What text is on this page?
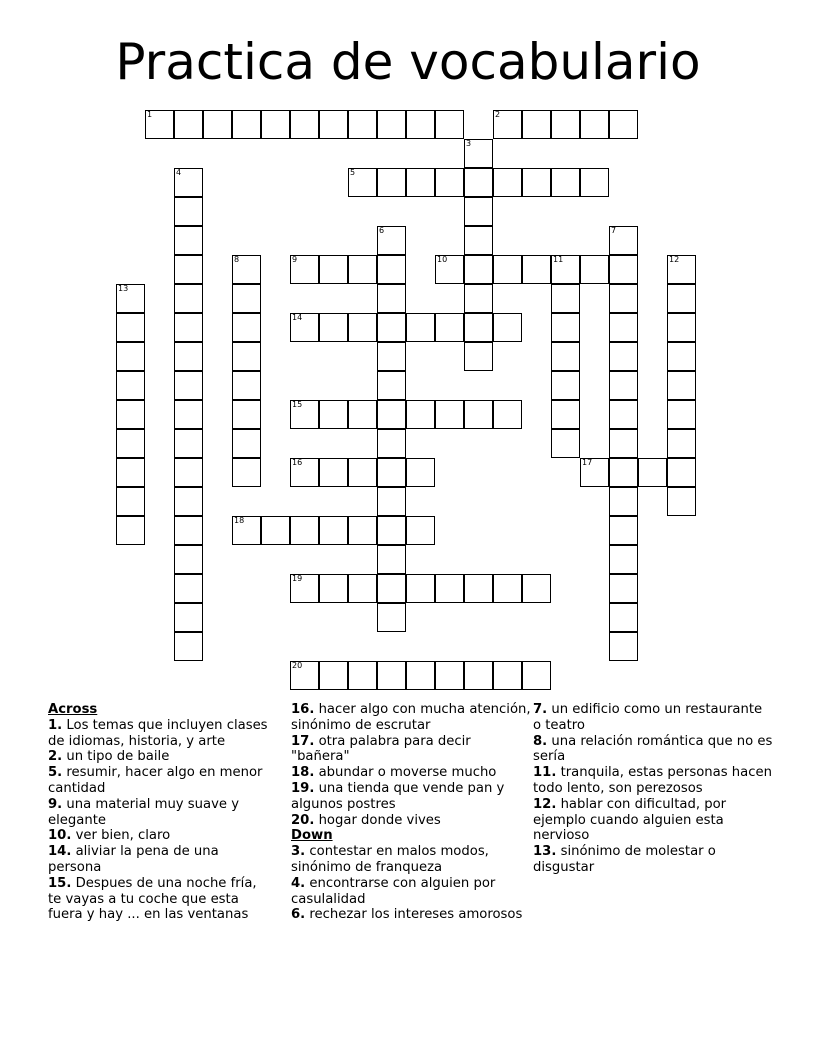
Practica de vocabulario
1	2
3
4	5
6	7
8	9	10	11	12
13
14
15
16	17
18
19
20
Across
1. Los temas que incluyen clases de idiomas, historia, y arte
2. un tipo de baile
5. resumir, hacer algo en menor cantidad
9. una material muy suave y elegante
10. ver bien, claro
14. aliviar la pena de una persona
15. Despues de una noche fría, te vayas a tu coche que esta fuera y hay ... en las ventanas
16. hacer algo con mucha atención, sinónimo de escrutar
17. otra palabra para decir "bañera"
18. abundar o moverse mucho
19. una tienda que vende pan y algunos postres
20. hogar donde vives
Down
3. contestar en malos modos, sinónimo de franqueza
4. encontrarse con alguien por casulalidad
6. rechezar los intereses amorosos
7. un edificio como un restaurante o teatro
8. una relación romántica que no es sería
11. tranquila, estas personas hacen todo lento, son perezosos
12. hablar con dificultad, por ejemplo cuando alguien esta nervioso
13. sinónimo de molestar o disgustar
